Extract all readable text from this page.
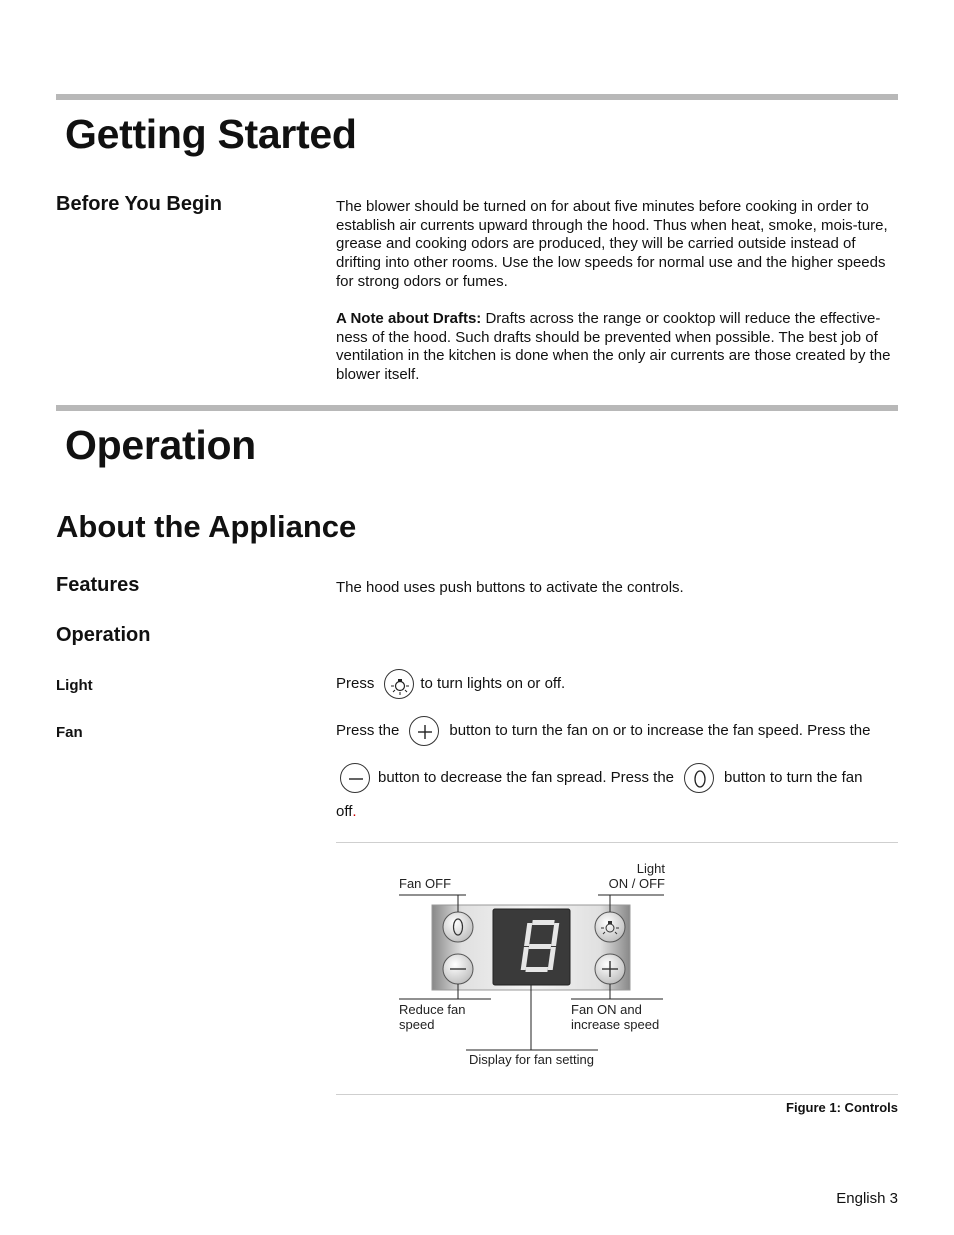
Getting Started
Before You Begin	The blower should be turned on for about five minutes before cooking in order to establish air currents upward through the hood. Thus when heat, smoke, mois-ture, grease and cooking odors are produced, they will be carried outside instead of drifting into other rooms. Use the low speeds for normal use and the higher speeds for strong odors or fumes.

A Note about Drafts: Drafts across the range or cooktop will reduce the effective-ness of the hood. Such drafts should be prevented when possible. The best job of ventilation in the kitchen is done when the only air currents are those created by the blower itself.

Operation
About the Appliance
Features	The hood uses push buttons to activate the controls.
Operation
Light	Press	to turn lights on or off.
Fan	Press the	button to turn the fan on or to increase the fan speed. Press the
button to decrease the fan spread. Press the	button to turn the fan
off.
Fan OFF
Light
ON / OFF
Reduce fan
speed
Fan ON and
increase speed
Display for fan setting
Figure 1: Controls
English 3
